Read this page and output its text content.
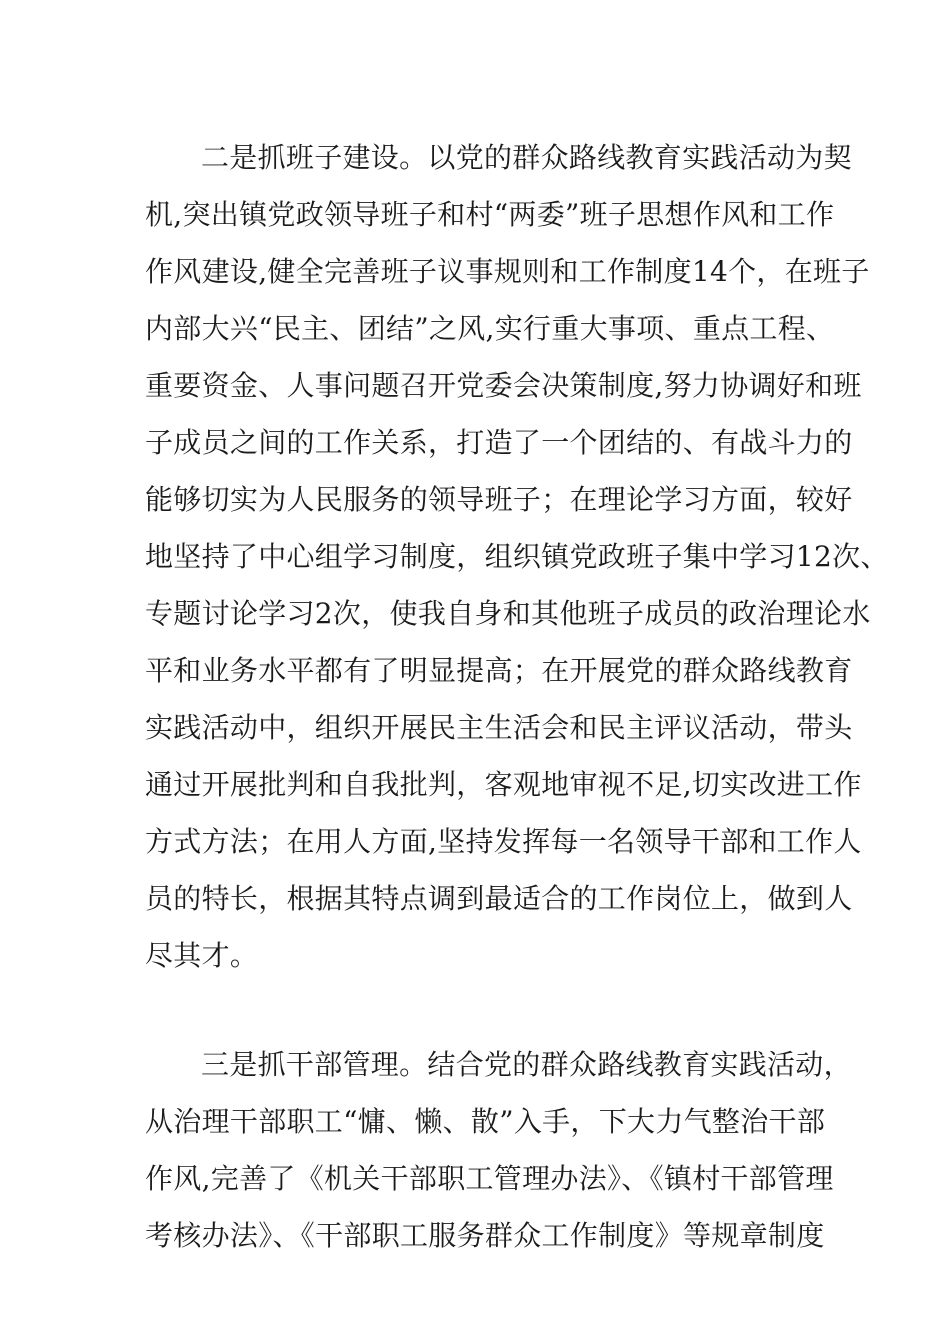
二是抓班子建设。以党的群众路线教育实践活动为契
机,突出镇党政领导班子和村“两委”班子思想作风和工作
作风建设,健全完善班子议事规则和工作制度14个，在班子
内部大兴“民主、团结”之风,实行重大事项、重点工程、
重要资金、人事问题召开党委会决策制度,努力协调好和班
子成员之间的工作关系，打造了一个团结的、有战斗力的
能够切实为人民服务的领导班子；在理论学习方面，较好
地坚持了中心组学习制度，组织镇党政班子集中学习12次、
专题讨论学习2次，使我自身和其他班子成员的政治理论水
平和业务水平都有了明显提高；在开展党的群众路线教育
实践活动中，组织开展民主生活会和民主评议活动，带头
通过开展批判和自我批判，客观地审视不足,切实改进工作
方式方法；在用人方面,坚持发挥每一名领导干部和工作人
员的特长，根据其特点调到最适合的工作岗位上，做到人
尽其才。
三是抓干部管理。结合党的群众路线教育实践活动，
从治理干部职工“慵、懒、散”入手，下大力气整治干部
作风,完善了《机关干部职工管理办法》、《镇村干部管理
考核办法》、《干部职工服务群众工作制度》等规章制度
